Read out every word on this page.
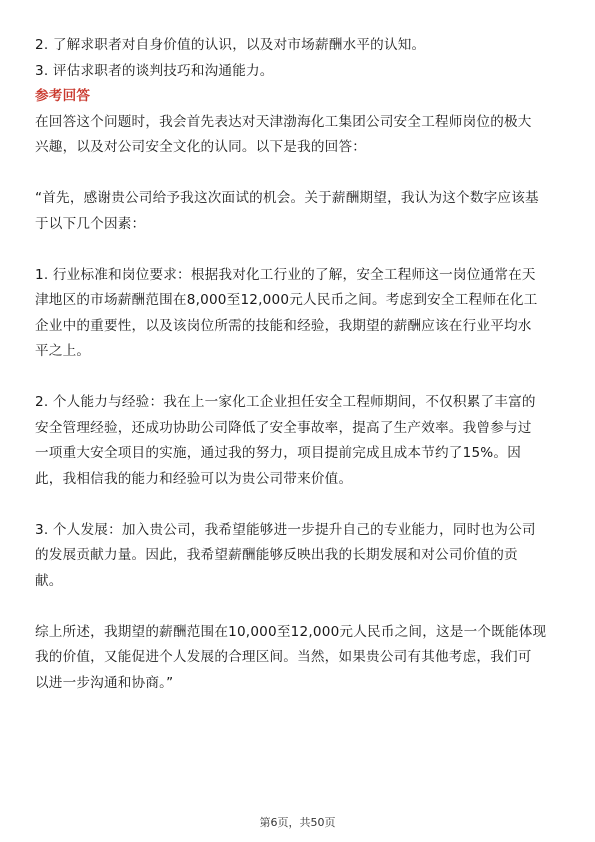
2. 了解求职者对自身价值的认识，以及对市场薪酬水平的认知。
3. 评估求职者的谈判技巧和沟通能力。
参考回答
在回答这个问题时，我会首先表达对天津渤海化工集团公司安全工程师岗位的极大
兴趣，以及对公司安全文化的认同。以下是我的回答：
“首先，感谢贵公司给予我这次面试的机会。关于薪酬期望，我认为这个数字应该基
于以下几个因素：
1. 行业标准和岗位要求：根据我对化工行业的了解，安全工程师这一岗位通常在天
津地区的市场薪酬范围在8,000至12,000元人民币之间。考虑到安全工程师在化工
企业中的重要性，以及该岗位所需的技能和经验，我期望的薪酬应该在行业平均水
平之上。
2. 个人能力与经验：我在上一家化工企业担任安全工程师期间，不仅积累了丰富的
安全管理经验，还成功协助公司降低了安全事故率，提高了生产效率。我曾参与过
一项重大安全项目的实施，通过我的努力，项目提前完成且成本节约了15%。因
此，我相信我的能力和经验可以为贵公司带来价值。
3. 个人发展：加入贵公司，我希望能够进一步提升自己的专业能力，同时也为公司
的发展贡献力量。因此，我希望薪酬能够反映出我的长期发展和对公司价值的贡
献。
综上所述，我期望的薪酬范围在10,000至12,000元人民币之间，这是一个既能体现
我的价值，又能促进个人发展的合理区间。当然，如果贵公司有其他考虑，我们可
以进一步沟通和协商。”
第6页，共50页
